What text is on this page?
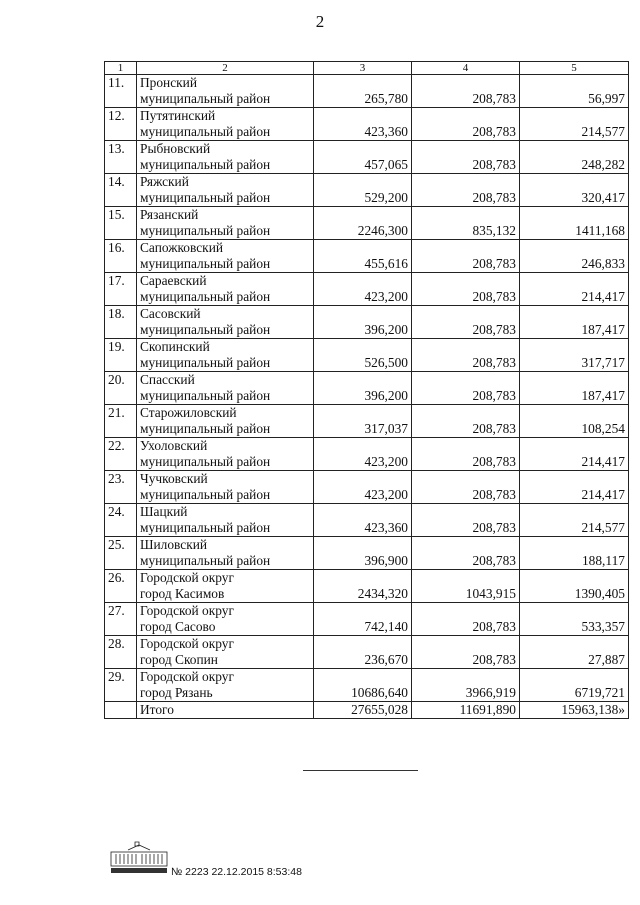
2
1	2	3	4	5
11.	Пронский
муниципальный район	265,780	208,783	56,997
12.	Путятинский
муниципальный район	423,360	208,783	214,577
13.	Рыбновский
муниципальный район	457,065	208,783	248,282
14.	Ряжский
муниципальный район	529,200	208,783	320,417
15.	Рязанский
муниципальный район	2246,300	835,132	1411,168
16.	Сапожковский
муниципальный район	455,616	208,783	246,833
17.	Сараевский
муниципальный район	423,200	208,783	214,417
18.	Сасовский
муниципальный район	396,200	208,783	187,417
19.	Скопинский
муниципальный район	526,500	208,783	317,717
20.	Спасский
муниципальный район	396,200	208,783	187,417
21.	Старожиловский
муниципальный район	317,037	208,783	108,254
22.	Ухоловский
муниципальный район	423,200	208,783	214,417
23.	Чучковский
муниципальный район	423,200	208,783	214,417
24.	Шацкий
муниципальный район	423,360	208,783	214,577
25.	Шиловский
муниципальный район	396,900	208,783	188,117
26.	Городской округ
город Касимов	2434,320	1043,915	1390,405
27.	Городской округ
город Сасово	742,140	208,783	533,357
28.	Городской округ
город Скопин	236,670	208,783	27,887
29.	Городской округ
город Рязань	10686,640	3966,919	6719,721
	Итого	27655,028	11691,890	15963,138»
№ 2223 22.12.2015 8:53:48
